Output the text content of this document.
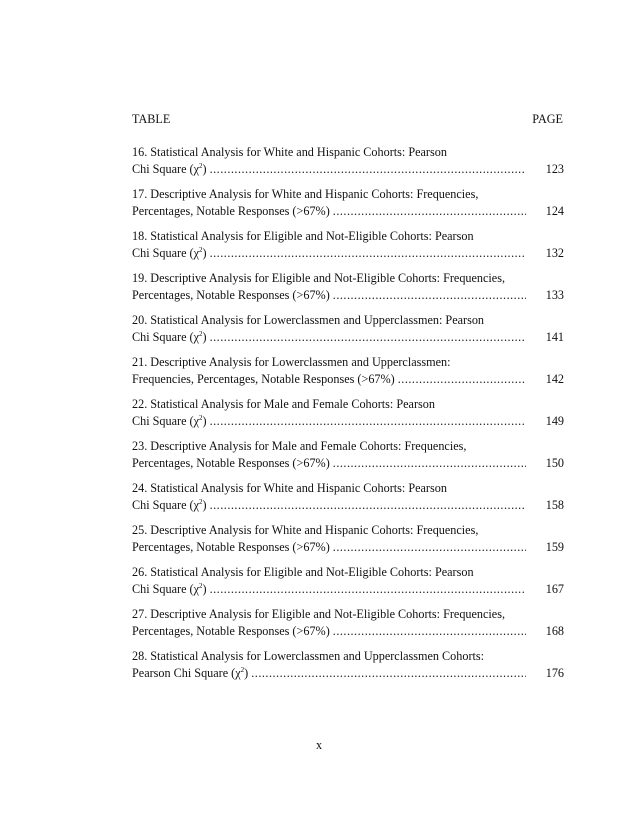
TABLE	PAGE
16. Statistical Analysis for White and Hispanic Cohorts: Pearson
Chi Square $(\chi^2)$ .....	123
17. Descriptive Analysis for White and Hispanic Cohorts: Frequencies,
Percentages, Notable Responses (>67%) .....	124
18. Statistical Analysis for Eligible and Not-Eligible Cohorts: Pearson
Chi Square $(\chi^2)$ .....	132
19. Descriptive Analysis for Eligible and Not-Eligible Cohorts: Frequencies,
Percentages, Notable Responses (>67%) .....	133
20. Statistical Analysis for Lowerclassmen and Upperclassmen: Pearson
Chi Square $(\chi^2)$ .....	141
21. Descriptive Analysis for Lowerclassmen and Upperclassmen:
Frequencies, Percentages, Notable Responses (>67%) .....	142
22. Statistical Analysis for Male and Female Cohorts: Pearson
Chi Square $(\chi^2)$ .....	149
23. Descriptive Analysis for Male and Female Cohorts: Frequencies,
Percentages, Notable Responses (>67%) .....	150
24. Statistical Analysis for White and Hispanic Cohorts: Pearson
Chi Square $(\chi^2)$ .....	158
25. Descriptive Analysis for White and Hispanic Cohorts: Frequencies,
Percentages, Notable Responses (>67%) .....	159
26. Statistical Analysis for Eligible and Not-Eligible Cohorts: Pearson
Chi Square $(\chi^2)$ .....	167
27. Descriptive Analysis for Eligible and Not-Eligible Cohorts: Frequencies,
Percentages, Notable Responses (>67%) .....	168
28. Statistical Analysis for Lowerclassmen and Upperclassmen Cohorts:
Pearson Chi Square $(\chi^2)$ .....	176
x
